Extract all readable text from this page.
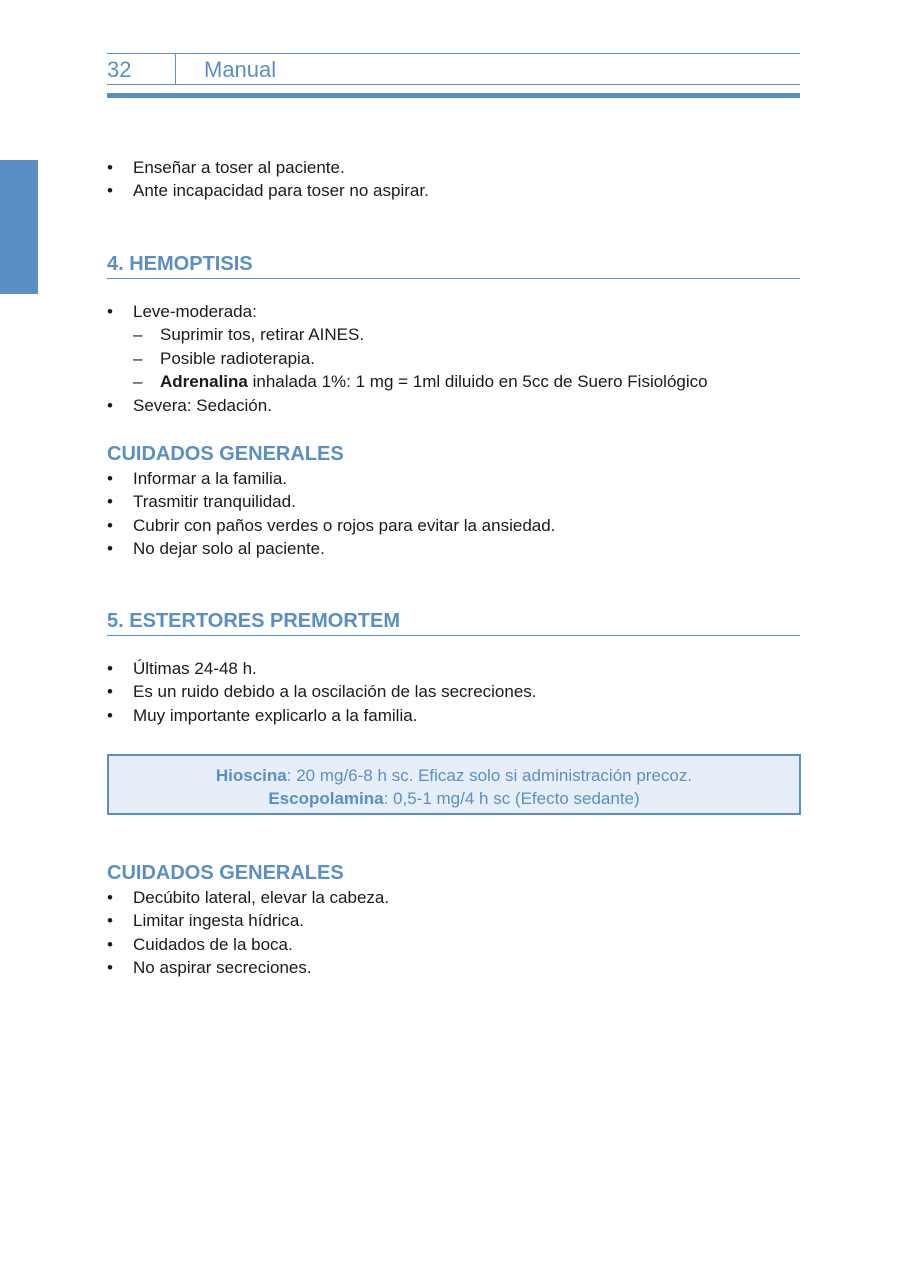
32	Manual
• Enseñar a toser al paciente.
• Ante incapacidad para toser no aspirar.
4. HEMOPTISIS
• Leve-moderada:
– Suprimir tos, retirar AINES.
– Posible radioterapia.
– Adrenalina inhalada 1%: 1 mg = 1ml diluido en 5cc de Suero Fisiológico
• Severa: Sedación.
CUIDADOS GENERALES
• Informar a la familia.
• Trasmitir tranquilidad.
• Cubrir con paños verdes o rojos para evitar la ansiedad.
• No dejar solo al paciente.
5. ESTERTORES PREMORTEM
• Últimas 24-48 h.
• Es un ruido debido a la oscilación de las secreciones.
• Muy importante explicarlo a la familia.
Hioscina: 20 mg/6-8 h sc. Eficaz solo si administración precoz.
Escopolamina: 0,5-1 mg/4 h sc (Efecto sedante)
CUIDADOS GENERALES
• Decúbito lateral, elevar la cabeza.
• Limitar ingesta hídrica.
• Cuidados de la boca.
• No aspirar secreciones.
